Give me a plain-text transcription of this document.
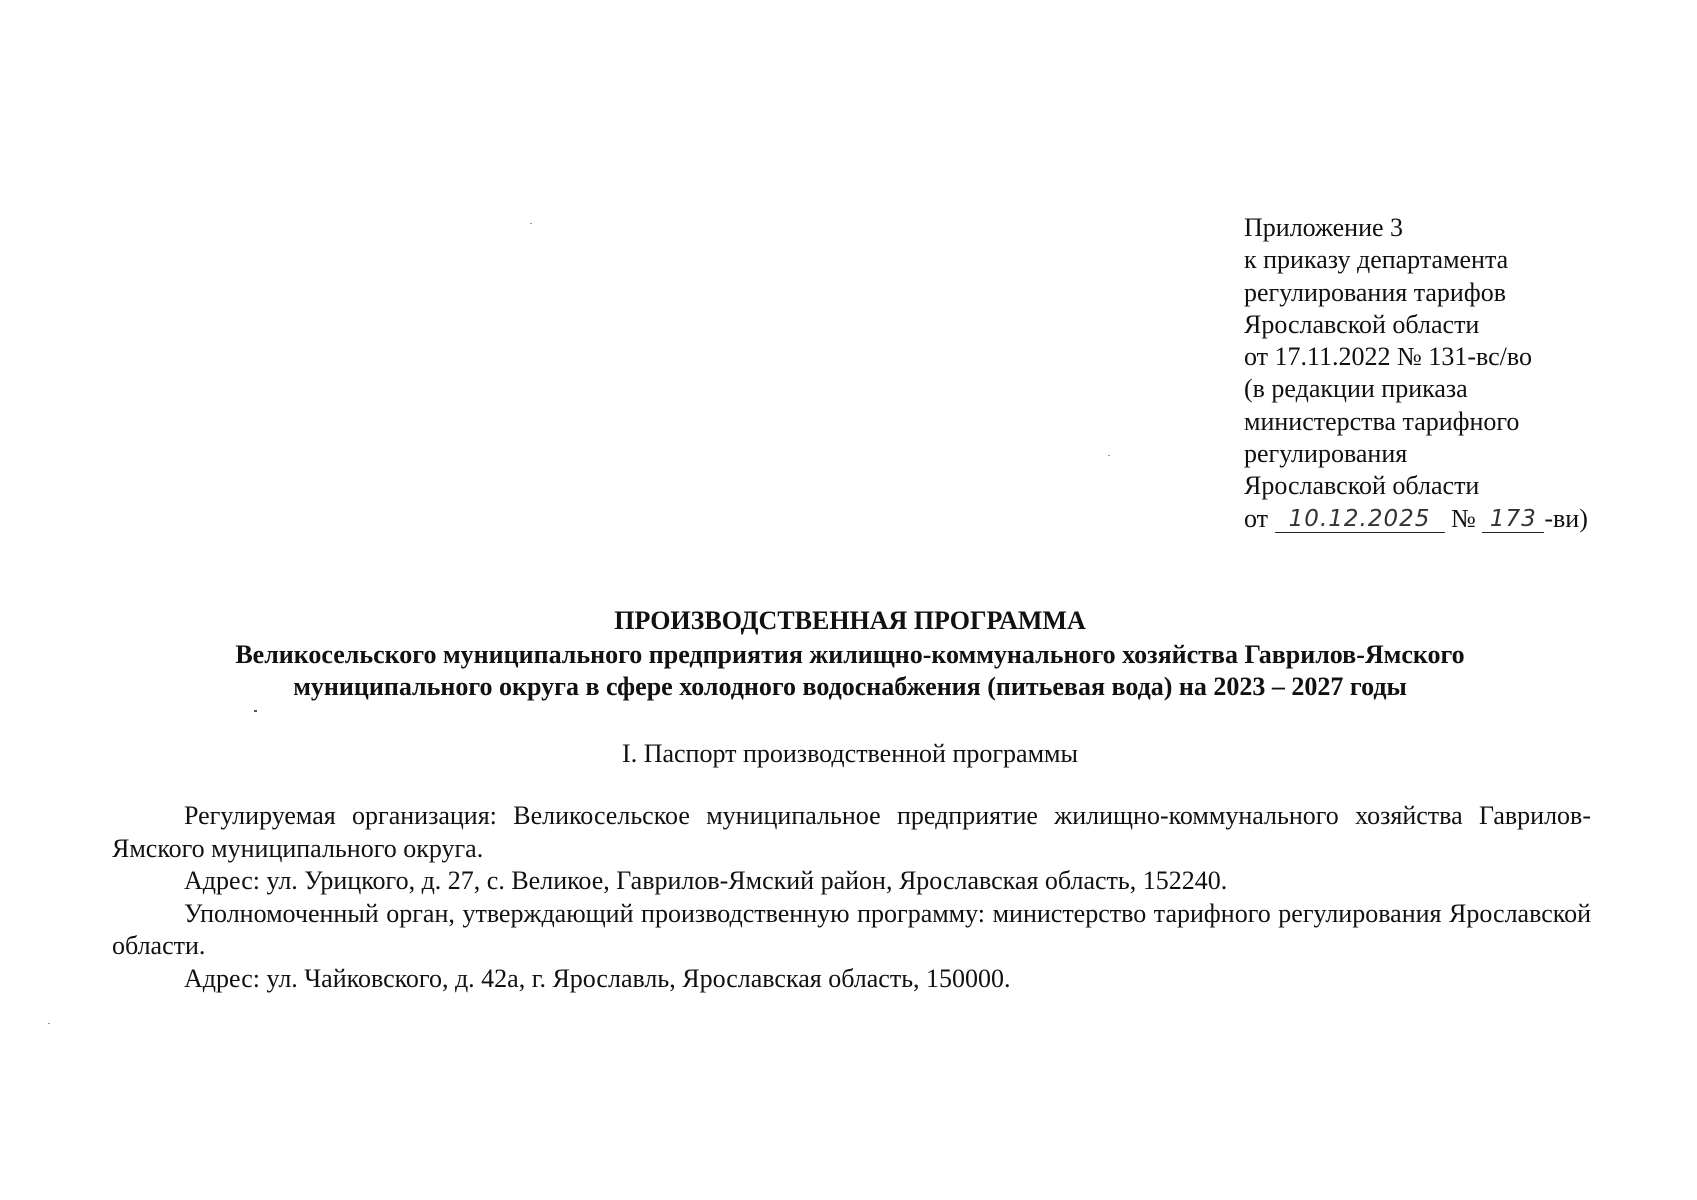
Приложение 3
к приказу департамента
регулирования тарифов
Ярославской области
от 17.11.2022 № 131-вс/во
(в редакции приказа
министерства тарифного
регулирования
Ярославской области
от 10.12.2025 № 173 -ви)
ПРОИЗВОДСТВЕННАЯ ПРОГРАММА
Великосельского муниципального предприятия жилищно-коммунального хозяйства Гаврилов-Ямского
муниципального округа в сфере холодного водоснабжения (питьевая вода) на 2023 – 2027 годы
I. Паспорт производственной программы

Регулируемая организация: Великосельское муниципальное предприятие жилищно-коммунального хозяйства Гаврилов-Ямского муниципального округа.

Адрес: ул. Урицкого, д. 27, с. Великое, Гаврилов-Ямский район, Ярославская область, 152240.

Уполномоченный орган, утверждающий производственную программу: министерство тарифного регулирования Ярославской области.

Адрес: ул. Чайковского, д. 42а, г. Ярославль, Ярославская область, 150000.
